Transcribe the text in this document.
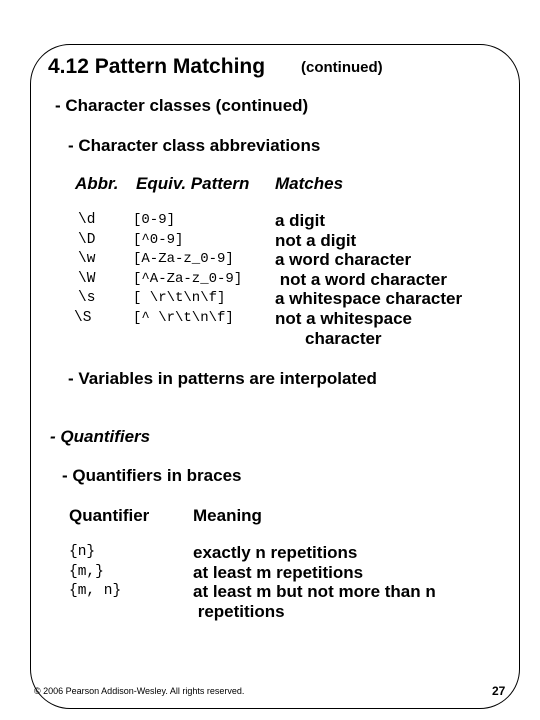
4.12 Pattern Matching (continued)
- Character classes (continued)
- Character class abbreviations
Abbr. Equiv. Pattern Matches
\d
\D
\w
\W
\s
\S
[0-9]
[^0-9]
[A-Za-z_0-9]
[^A-Za-z_0-9]
[ \r\t\n\f]
[^ \r\t\n\f]
a digit
not a digit
a word character
not a word character
a whitespace character
not a whitespace
character
- Variables in patterns are interpolated
- Quantifiers
- Quantifiers in braces
Quantifier	Meaning
{n}
{m,}
{m, n}
exactly n repetitions
at least m repetitions
at least m but not more than n
repetitions
© 2006 Pearson Addison-Wesley. All rights reserved.	27
